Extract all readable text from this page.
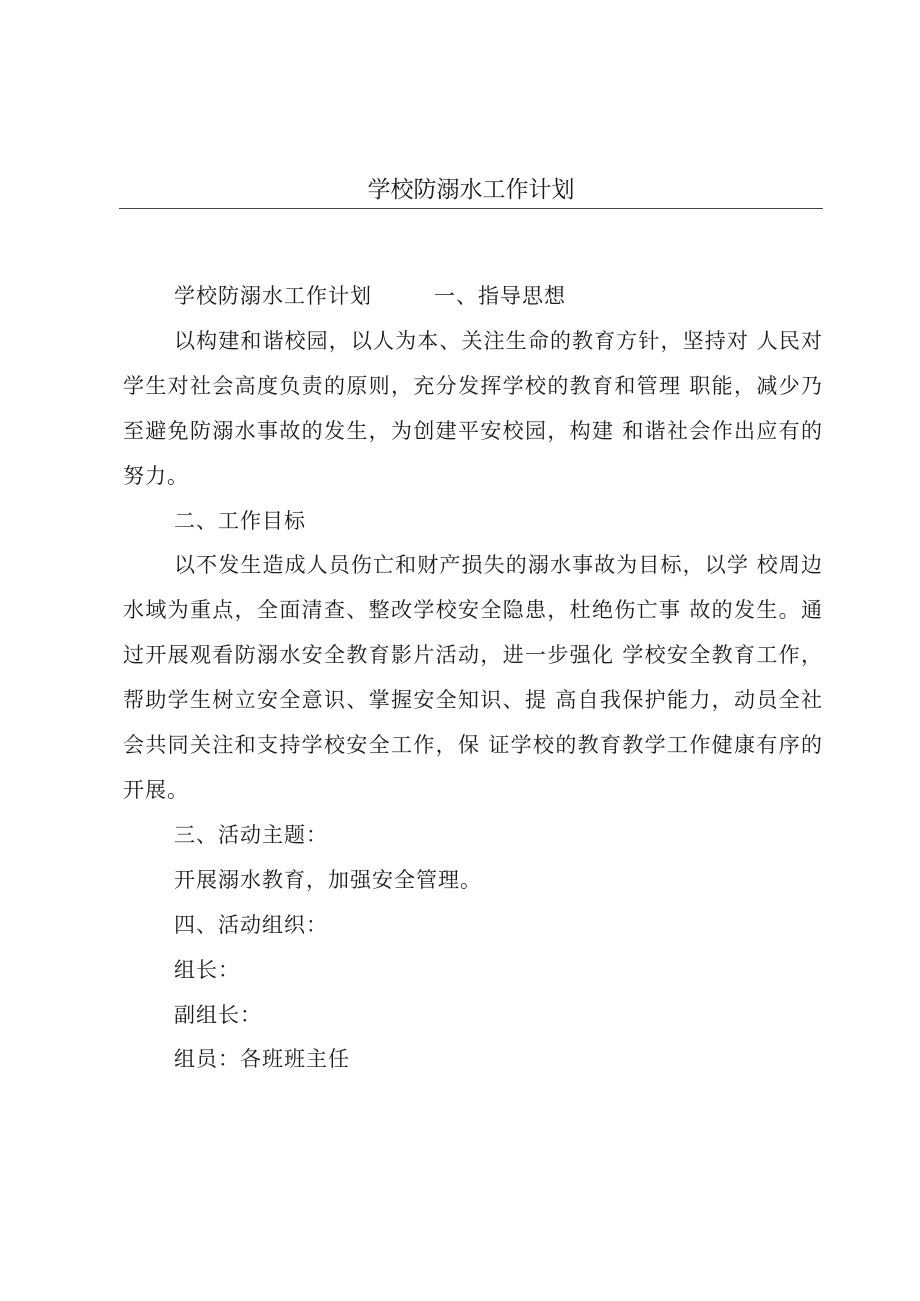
学校防溺水工作计划

学校防溺水工作计划	一、指导思想

以构建和谐校园，以人为本、关注生命的教育方针，坚持对 人民对学生对社会高度负责的原则，充分发挥学校的教育和管理 职能，减少乃至避免防溺水事故的发生，为创建平安校园，构建 和谐社会作出应有的努力。

二、工作目标

以不发生造成人员伤亡和财产损失的溺水事故为目标，以学 校周边水域为重点，全面清查、整改学校安全隐患，杜绝伤亡事 故的发生。通过开展观看防溺水安全教育影片活动，进一步强化 学校安全教育工作，帮助学生树立安全意识、掌握安全知识、提 高自我保护能力，动员全社会共同关注和支持学校安全工作，保 证学校的教育教学工作健康有序的开展。

三、活动主题：

开展溺水教育，加强安全管理。

四、活动组织：

组长：

副组长：

组员：各班班主任
